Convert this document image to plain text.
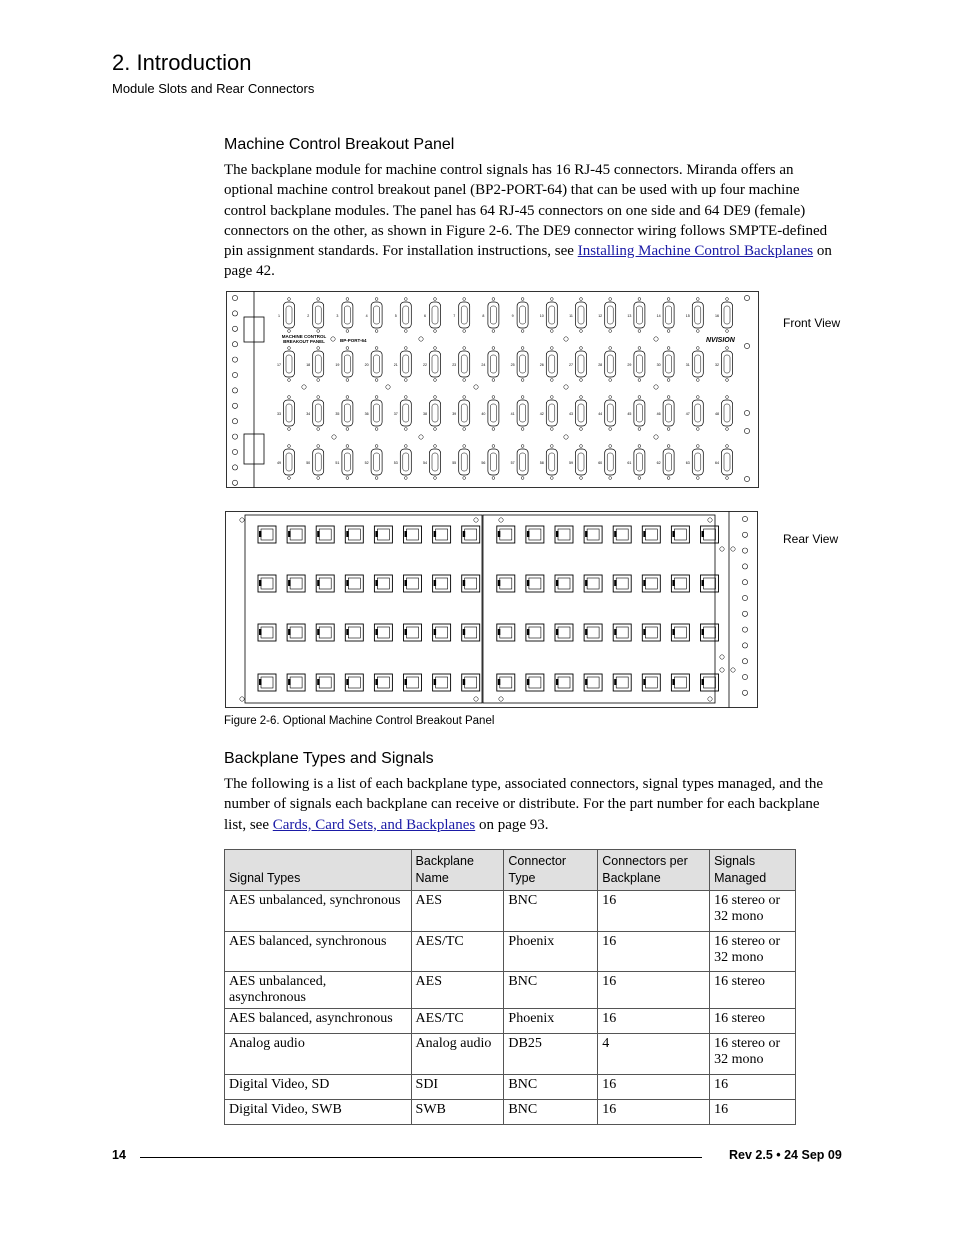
2. Introduction
Module Slots and Rear Connectors
Machine Control Breakout Panel
The backplane module for machine control signals has 16 RJ-45 connectors. Miranda offers an optional machine control breakout panel (BP2-PORT-64) that can be used with up four machine control backplane modules. The panel has 64 RJ-45 connectors on one side and 64 DE9 (female) connectors on the other, as shown in Figure 2-6. The DE9 connector wiring follows SMPTE-defined pin assignment standards. For installation instructions, see Installing Machine Control Backplanes on page 42.
1	2	3	4	5	6	7	8	9	10	11	12	13	14	15	16
17	18	19	20	21	22	23	24	25	26	27	28	29	30	31	32
33	34	35	36	37	38	39	40	41	42	43	44	45	46	47	48
49	50	51	52	53	54	55	56	57	58	59	60	61	62	63	64
MACHINE CONTROL
BREAKOUT PANEL	BP-PORT-64	NVISION
Front View
Rear View
Figure 2-6. Optional Machine Control Breakout Panel
Backplane Types and Signals
The following is a list of each backplane type, associated connectors, signal types managed, and the number of signals each backplane can receive or distribute. For the part number for each backplane list, see Cards, Card Sets, and Backplanes on page 93.
Signal Types	Backplane Name	Connector Type	Connectors per Backplane	Signals Managed
AES unbalanced, synchronous	AES	BNC	16	16 stereo or 32 mono
AES balanced, synchronous	AES/TC	Phoenix	16	16 stereo or 32 mono
AES unbalanced, asynchronous	AES	BNC	16	16 stereo
AES balanced, asynchronous	AES/TC	Phoenix	16	16 stereo
Analog audio	Analog audio	DB25	4	16 stereo or 32 mono
Digital Video, SD	SDI	BNC	16	16
Digital Video, SWB	SWB	BNC	16	16
14	Rev 2.5 • 24 Sep 09
